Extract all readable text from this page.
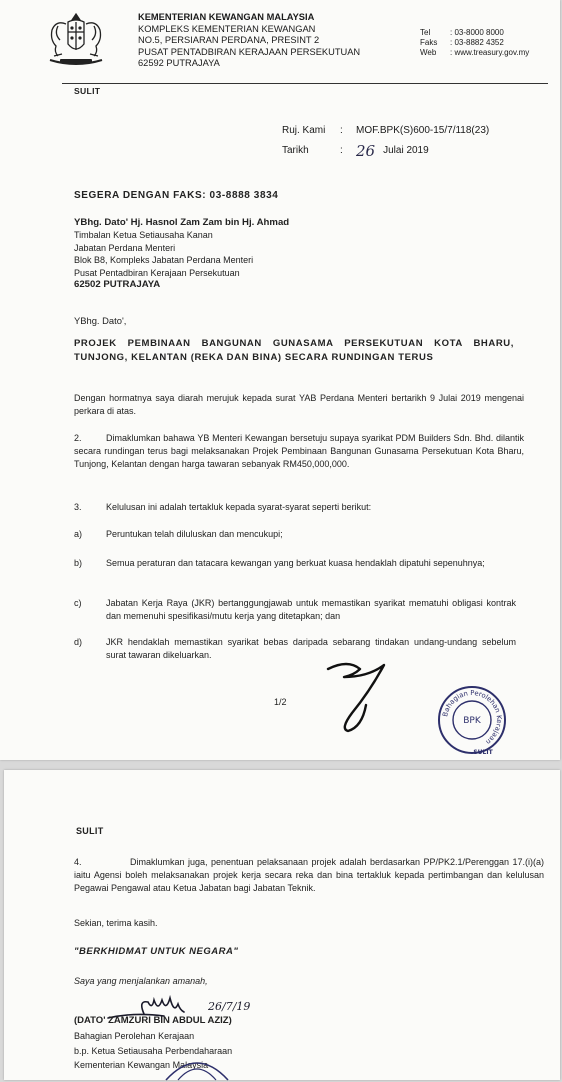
KEMENTERIAN KEWANGAN MALAYSIA
KOMPLEKS KEMENTERIAN KEWANGAN
NO.5, PERSIARAN PERDANA, PRESINT 2
PUSAT PENTADBIRAN KERAJAAN PERSEKUTUAN
62592 PUTRAJAYA
Tel	: 03-8000 8000
Faks	: 03-8882 4352
Web	: www.treasury.gov.my
SULIT
Ruj. Kami	:	MOF.BPK(S)600-15/7/118(23)
Tarikh	: 26 Julai 2019
SEGERA DENGAN FAKS: 03-8888 3834
YBhg. Dato' Hj. Hasnol Zam Zam bin Hj. Ahmad
Timbalan Ketua Setiausaha Kanan
Jabatan Perdana Menteri
Blok B8, Kompleks Jabatan Perdana Menteri
Pusat Pentadbiran Kerajaan Persekutuan
62502 PUTRAJAYA
YBhg. Dato',
PROJEK PEMBINAAN BANGUNAN GUNASAMA PERSEKUTUAN KOTA BHARU, TUNJONG, KELANTAN (REKA DAN BINA) SECARA RUNDINGAN TERUS
Dengan hormatnya saya diarah merujuk kepada surat YAB Perdana Menteri bertarikh 9 Julai 2019 mengenai perkara di atas.
2.	Dimaklumkan bahawa YB Menteri Kewangan bersetuju supaya syarikat PDM Builders Sdn. Bhd. dilantik secara rundingan terus bagi melaksanakan Projek Pembinaan Bangunan Gunasama Persekutuan Kota Bharu, Tunjong, Kelantan dengan harga tawaran sebanyak RM450,000,000.
3.	Kelulusan ini adalah tertakluk kepada syarat-syarat seperti berikut:
a)	Peruntukan telah diluluskan dan mencukupi;
b)	Semua peraturan dan tatacara kewangan yang berkuat kuasa hendaklah dipatuhi sepenuhnya;
c)	Jabatan Kerja Raya (JKR) bertanggungjawab untuk memastikan syarikat mematuhi obligasi kontrak dan memenuhi spesifikasi/mutu kerja yang ditetapkan; dan
d)	JKR hendaklah memastikan syarikat bebas daripada sebarang tindakan undang-undang sebelum surat tawaran dikeluarkan.
1/2
Bahagian Perolehan Kerajaan
BPK
SULIT
SULIT
4.	Dimaklumkan juga, penentuan pelaksanaan projek adalah berdasarkan PP/PK2.1/Perenggan 17.(i)(a) iaitu Agensi boleh melaksanakan projek kerja secara reka dan bina tertakluk kepada pertimbangan dan kelulusan Pegawai Pengawal atau Ketua Jabatan bagi Jabatan Teknik.
Sekian, terima kasih.
"BERKHIDMAT UNTUK NEGARA"
Saya yang menjalankan amanah,
26/7/19
(DATO' ZAMZURI BIN ABDUL AZIZ)
Bahagian Perolehan Kerajaan
b.p. Ketua Setiausaha Perbendaharaan
Kementerian Kewangan Malaysia
